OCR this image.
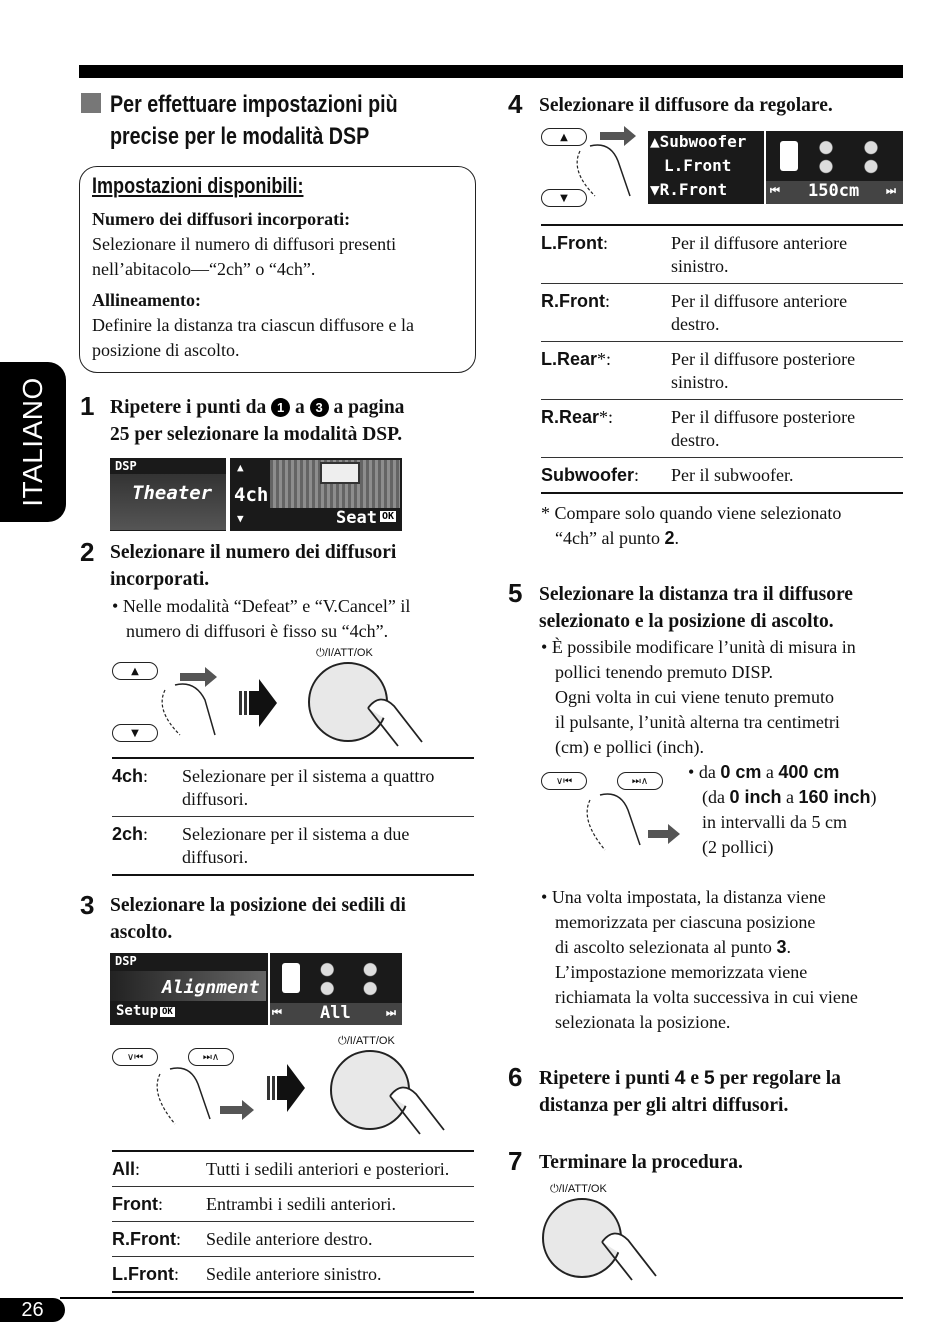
26
ITALIANO
Per effettuare impostazioni più
precise per le modalità DSP
Impostazioni disponibili:
Numero dei diffusori incorporati:
Selezionare il numero di diffusori presenti
nell’abitacolo—“2ch” o “4ch”.
Allineamento:
Definire la distanza tra ciascun diffusore e la
posizione di ascolto.
1 Ripetere i punti da 1 a 3 a pagina
25 per selezionare la modalità DSP.
DSP
Theater
▲
4ch
▼	Seat OK
2 Selezionare il numero dei diffusori
incorporati.
• Nelle modalità “Defeat” e “V.Cancel” il
numero di diffusori è fisso su “4ch”.
▲
▼
⏻/I/ATT/OK
4ch:	Selezionare per il sistema a quattro
diffusori.

2ch:	Selezionare per il sistema a due
diffusori.
3 Selezionare la posizione dei sedili di
ascolto.
DSP
Alignment
Setup OK	⏮ All	⏭
∨⏮	⏭∧
⏻/I/ATT/OK
All:	Tutti i sedili anteriori e posteriori.
Front:	Entrambi i sedili anteriori.
R.Front:	Sedile anteriore destro.
L.Front:	Sedile anteriore sinistro.
4 Selezionare il diffusore da regolare.
▲
▼
▲Subwoofer
L.Front
▼R.Front	⏮ 150cm ⏭
L.Front:	Per il diffusore anteriore
sinistro.

R.Front:	Per il diffusore anteriore
destro.

L.Rear*:	Per il diffusore posteriore
sinistro.

R.Rear*:	Per il diffusore posteriore
destro.

Subwoofer:	Per il subwoofer.
* Compare solo quando viene selezionato
“4ch” al punto 2.
5 Selezionare la distanza tra il diffusore
selezionato e la posizione di ascolto.
• È possibile modificare l’unità di misura in
pollici tenendo premuto DISP.
Ogni volta in cui viene tenuto premuto
il pulsante, l’unità alterna tra centimetri
(cm) e pollici (inch).
∨⏮	⏭∧	• da 0 cm a 400 cm
(da 0 inch a 160 inch)
in intervalli da 5 cm
(2 pollici)
• Una volta impostata, la distanza viene
memorizzata per ciascuna posizione
di ascolto selezionata al punto 3.
L’impostazione memorizzata viene
richiamata la volta successiva in cui viene
selezionata la posizione.
6 Ripetere i punti 4 e 5 per regolare la
distanza per gli altri diffusori.
7 Terminare la procedura.
⏻/I/ATT/OK
